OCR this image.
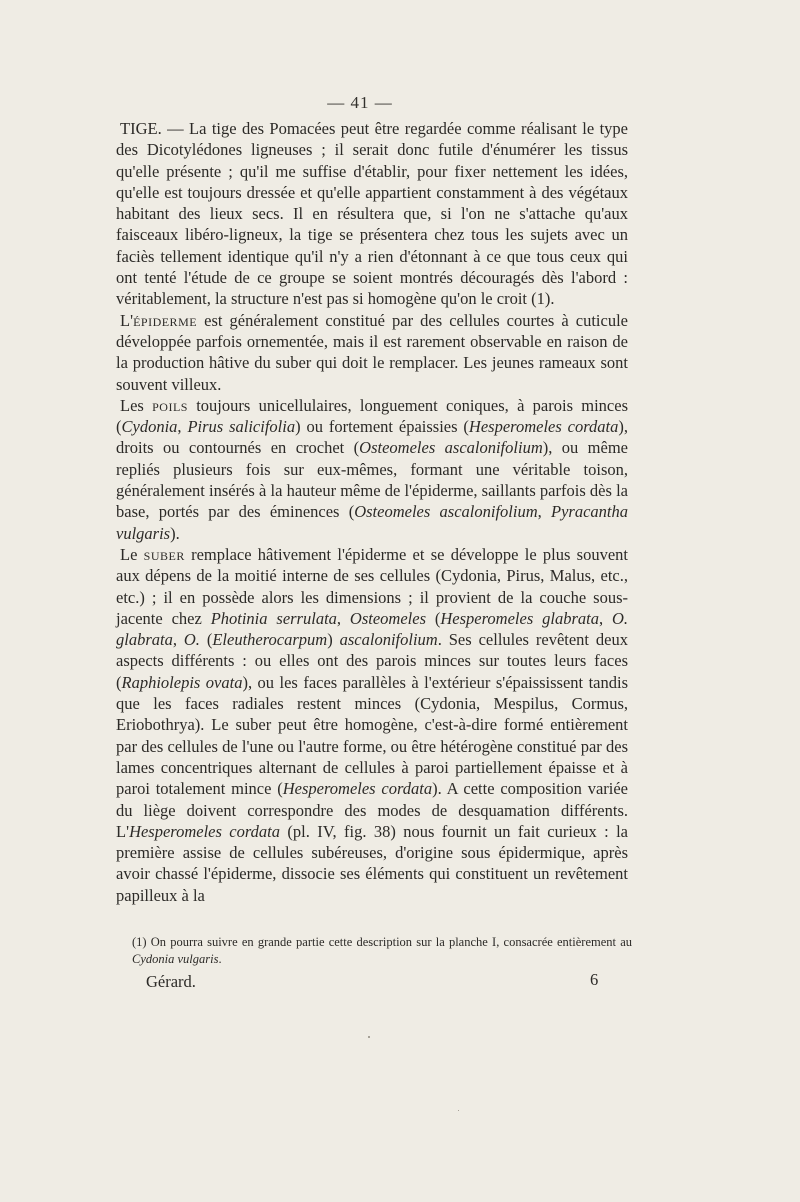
— 41 —

TIGE. — La tige des Pomacées peut être regardée comme réalisant le type des Dicotylédones ligneuses ; il serait donc futile d'énumérer les tissus qu'elle présente ; qu'il me suffise d'établir, pour fixer nettement les idées, qu'elle est toujours dressée et qu'elle appartient constamment à des végétaux habitant des lieux secs. Il en résultera que, si l'on ne s'attache qu'aux faisceaux libéro-ligneux, la tige se présentera chez tous les sujets avec un faciès tellement identique qu'il n'y a rien d'étonnant à ce que tous ceux qui ont tenté l'étude de ce groupe se soient montrés découragés dès l'abord : véritablement, la structure n'est pas si homogène qu'on le croit (1).

L'épiderme est généralement constitué par des cellules courtes à cuticule développée parfois ornementée, mais il est rarement observable en raison de la production hâtive du suber qui doit le remplacer. Les jeunes rameaux sont souvent villeux.

Les poils toujours unicellulaires, longuement coniques, à parois minces (Cydonia, Pirus salicifolia) ou fortement épaissies (Hesperomeles cordata), droits ou contournés en crochet (Osteomeles ascalonifolium), ou même repliés plusieurs fois sur eux-mêmes, formant une véritable toison, généralement insérés à la hauteur même de l'épiderme, saillants parfois dès la base, portés par des éminences (Osteomeles ascalonifolium, Pyracantha vulgaris).

Le suber remplace hâtivement l'épiderme et se développe le plus souvent aux dépens de la moitié interne de ses cellules (Cydonia, Pirus, Malus, etc., etc.) ; il en possède alors les dimensions ; il provient de la couche sous-jacente chez Photinia serrulata, Osteomeles (Hesperomeles glabrata, O. glabrata, O. (Eleutherocarpum) ascalonifolium. Ses cellules revêtent deux aspects différents : ou elles ont des parois minces sur toutes leurs faces (Raphiolepis ovata), ou les faces parallèles à l'extérieur s'épaississent tandis que les faces radiales restent minces (Cydonia, Mespilus, Cormus, Eriobothrya). Le suber peut être homogène, c'est-à-dire formé entièrement par des cellules de l'une ou l'autre forme, ou être hétérogène constitué par des lames concentriques alternant de cellules à paroi partiellement épaisse et à paroi totalement mince (Hesperomeles cordata). A cette composition variée du liège doivent correspondre des modes de desquamation différents. L'Hesperomeles cordata (pl. IV, fig. 38) nous fournit un fait curieux : la première assise de cellules subéreuses, d'origine sous épidermique, après avoir chassé l'épiderme, dissocie ses éléments qui constituent un revêtement papilleux à la

(1) On pourra suivre en grande partie cette description sur la planche I, consacrée entièrement au Cydonia vulgaris.
Gérard.	6
